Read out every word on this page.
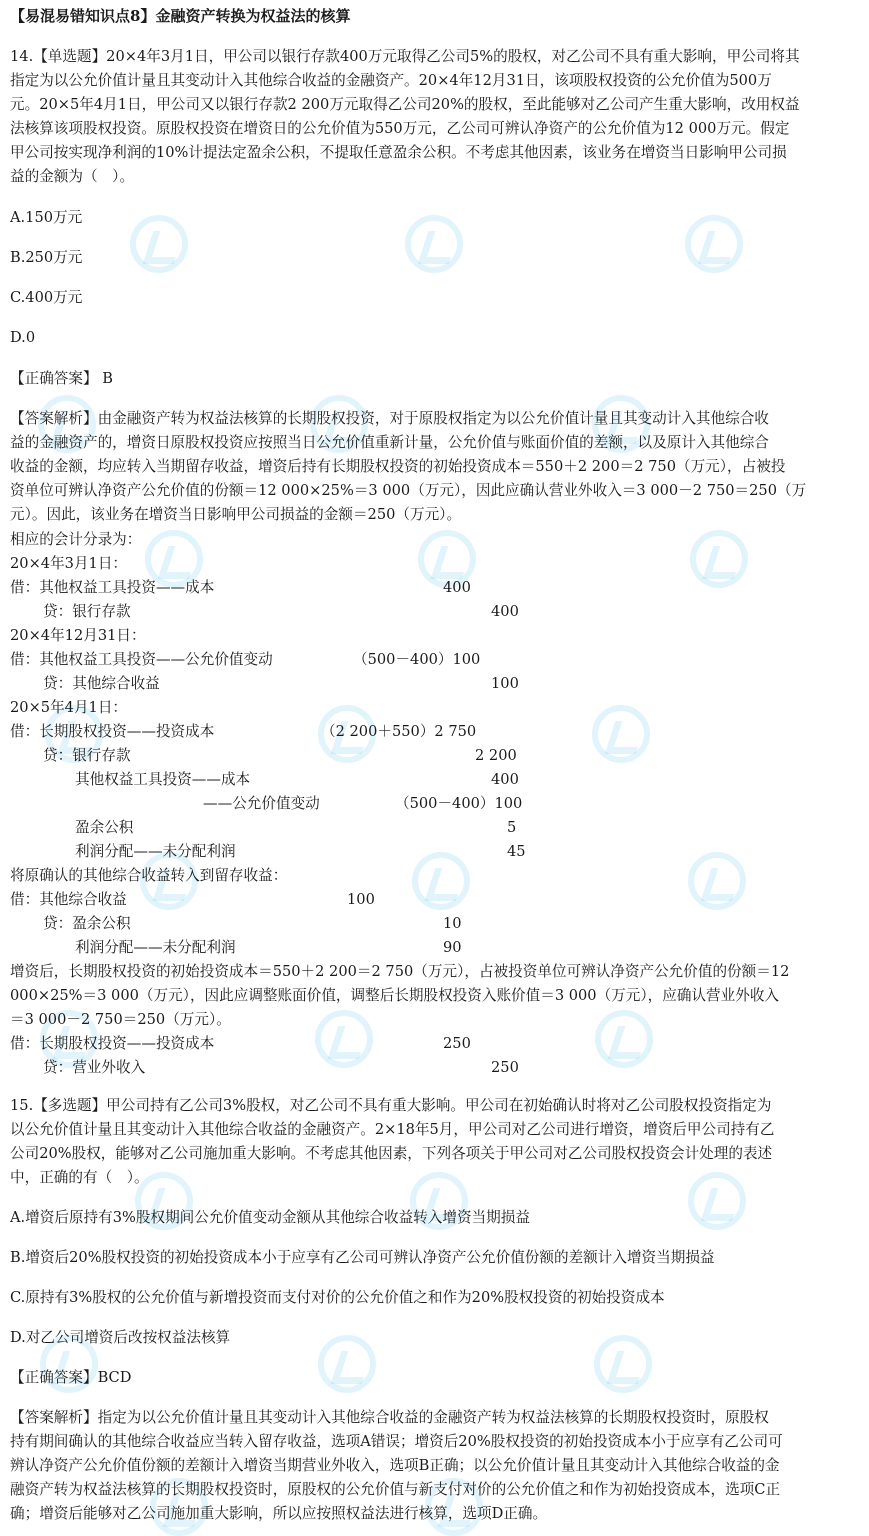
【易混易错知识点8】金融资产转换为权益法的核算
14.【单选题】20×4年3月1日，甲公司以银行存款400万元取得乙公司5%的股权，对乙公司不具有重大影响，甲公司将其
指定为以公允价值计量且其变动计入其他综合收益的金融资产。20×4年12月31日，该项股权投资的公允价值为500万
元。20×5年4月1日，甲公司又以银行存款2 200万元取得乙公司20%的股权，至此能够对乙公司产生重大影响，改用权益
法核算该项股权投资。原股权投资在增资日的公允价值为550万元，乙公司可辨认净资产的公允价值为12 000万元。假定
甲公司按实现净利润的10%计提法定盈余公积，不提取任意盈余公积。不考虑其他因素，该业务在增资当日影响甲公司损
益的金额为（　）。
A.150万元
B.250万元
C.400万元
D.0
【正确答案】 B
【答案解析】由金融资产转为权益法核算的长期股权投资，对于原股权指定为以公允价值计量且其变动计入其他综合收
益的金融资产的，增资日原股权投资应按照当日公允价值重新计量，公允价值与账面价值的差额，以及原计入其他综合
收益的金额，均应转入当期留存收益，增资后持有长期股权投资的初始投资成本＝550＋2 200＝2 750（万元），占被投
资单位可辨认净资产公允价值的份额＝12 000×25%＝3 000（万元），因此应确认营业外收入＝3 000－2 750＝250（万
元）。因此，该业务在增资当日影响甲公司损益的金额＝250（万元）。
相应的会计分录为：
20×4年3月1日：
借：其他权益工具投资——成本	400
贷：银行存款	400
20×4年12月31日：
借：其他权益工具投资——公允价值变动	（500－400）100
贷：其他综合收益	100
20×5年4月1日：
借：长期股权投资——投资成本	（2 200＋550）2 750
贷：银行存款	2 200
其他权益工具投资——成本	400
——公允价值变动	（500－400）100
盈余公积	5
利润分配——未分配利润	45
将原确认的其他综合收益转入到留存收益：
借：其他综合收益	100
贷：盈余公积	10
利润分配——未分配利润	90
增资后，长期股权投资的初始投资成本＝550＋2 200＝2 750（万元），占被投资单位可辨认净资产公允价值的份额＝12
000×25%＝3 000（万元），因此应调整账面价值，调整后长期股权投资入账价值＝3 000（万元），应确认营业外收入
＝3 000－2 750＝250（万元）。
借：长期股权投资——投资成本	250
贷：营业外收入	250
15.【多选题】甲公司持有乙公司3%股权，对乙公司不具有重大影响。甲公司在初始确认时将对乙公司股权投资指定为
以公允价值计量且其变动计入其他综合收益的金融资产。2×18年5月，甲公司对乙公司进行增资，增资后甲公司持有乙
公司20%股权，能够对乙公司施加重大影响。不考虑其他因素，下列各项关于甲公司对乙公司股权投资会计处理的表述
中，正确的有（　）。
A.增资后原持有3%股权期间公允价值变动金额从其他综合收益转入增资当期损益
B.增资后20%股权投资的初始投资成本小于应享有乙公司可辨认净资产公允价值份额的差额计入增资当期损益
C.原持有3%股权的公允价值与新增投资而支付对价的公允价值之和作为20%股权投资的初始投资成本
D.对乙公司增资后改按权益法核算
【正确答案】BCD
【答案解析】指定为以公允价值计量且其变动计入其他综合收益的金融资产转为权益法核算的长期股权投资时，原股权
持有期间确认的其他综合收益应当转入留存收益，选项A错误；增资后20%股权投资的初始投资成本小于应享有乙公司可
辨认净资产公允价值份额的差额计入增资当期营业外收入，选项B正确；以公允价值计量且其变动计入其他综合收益的金
融资产转为权益法核算的长期股权投资时，原股权的公允价值与新支付对价的公允价值之和作为初始投资成本，选项C正
确；增资后能够对乙公司施加重大影响，所以应按照权益法进行核算，选项D正确。
